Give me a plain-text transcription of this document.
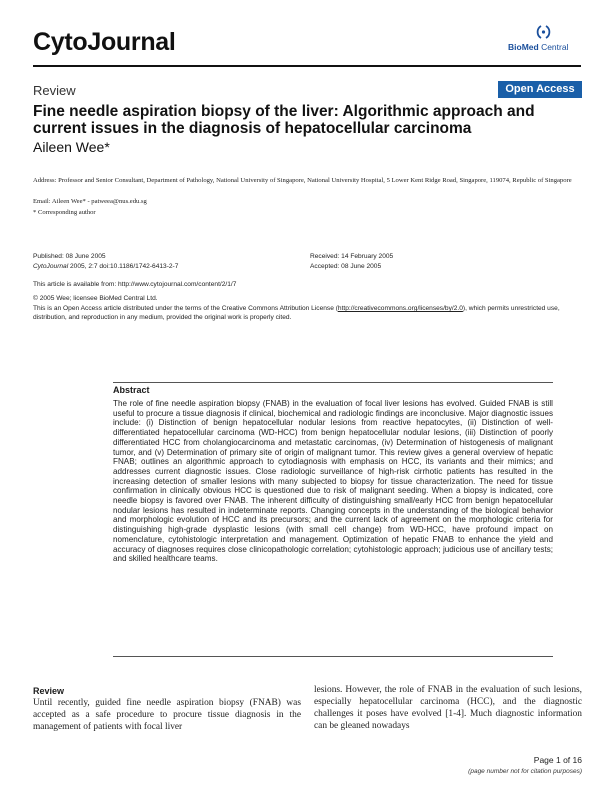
CytoJournal	BioMed Central
Review	Open Access
Fine needle aspiration biopsy of the liver: Algorithmic approach and current issues in the diagnosis of hepatocellular carcinoma
Aileen Wee*
Address: Professor and Senior Consultant, Department of Pathology, National University of Singapore, National University Hospital, 5 Lower Kent Ridge Road, Singapore, 119074, Republic of Singapore
Email: Aileen Wee* - patweea@nus.edu.sg
* Corresponding author
Published: 08 June 2005
CytoJournal 2005, 2:7 doi:10.1186/1742-6413-2-7
Received: 14 February 2005
Accepted: 08 June 2005
This article is available from: http://www.cytojournal.com/content/2/1/7
© 2005 Wee; licensee BioMed Central Ltd.
This is an Open Access article distributed under the terms of the Creative Commons Attribution License (http://creativecommons.org/licenses/by/2.0), which permits unrestricted use, distribution, and reproduction in any medium, provided the original work is properly cited.
Abstract
The role of fine needle aspiration biopsy (FNAB) in the evaluation of focal liver lesions has evolved. Guided FNAB is still useful to procure a tissue diagnosis if clinical, biochemical and radiologic findings are inconclusive. Major diagnostic issues include: (i) Distinction of benign hepatocellular nodular lesions from reactive hepatocytes, (ii) Distinction of well-differentiated hepatocellular carcinoma (WD-HCC) from benign hepatocellular nodular lesions, (iii) Distinction of poorly differentiated HCC from cholangiocarcinoma and metastatic carcinomas, (iv) Determination of histogenesis of malignant tumor, and (v) Determination of primary site of origin of malignant tumor. This review gives a general overview of hepatic FNAB; outlines an algorithmic approach to cytodiagnosis with emphasis on HCC, its variants and their mimics; and addresses current diagnostic issues. Close radiologic surveillance of high-risk cirrhotic patients has resulted in the increasing detection of smaller lesions with many subjected to biopsy for tissue characterization. The need for tissue confirmation in clinically obvious HCC is questioned due to risk of malignant seeding. When a biopsy is indicated, core needle biopsy is favored over FNAB. The inherent difficulty of distinguishing small/early HCC from benign hepatocellular nodular lesions has resulted in indeterminate reports. Changing concepts in the understanding of the biological behavior and morphologic evolution of HCC and its precursors; and the current lack of agreement on the morphologic criteria for distinguishing high-grade dysplastic lesions (with small cell change) from WD-HCC, have profound impact on nomenclature, cytohistologic interpretation and management. Optimization of hepatic FNAB to enhance the yield and accuracy of diagnoses requires close clinicopathologic correlation; cytohistologic approach; judicious use of ancillary tests; and skilled healthcare teams.
Review
Until recently, guided fine needle aspiration biopsy (FNAB) was accepted as a safe procedure to procure tissue diagnosis in the management of patients with focal liver
lesions. However, the role of FNAB in the evaluation of such lesions, especially hepatocellular carcinoma (HCC), and the diagnostic challenges it poses have evolved [1-4]. Much diagnostic information can be gleaned nowadays
Page 1 of 16
(page number not for citation purposes)
